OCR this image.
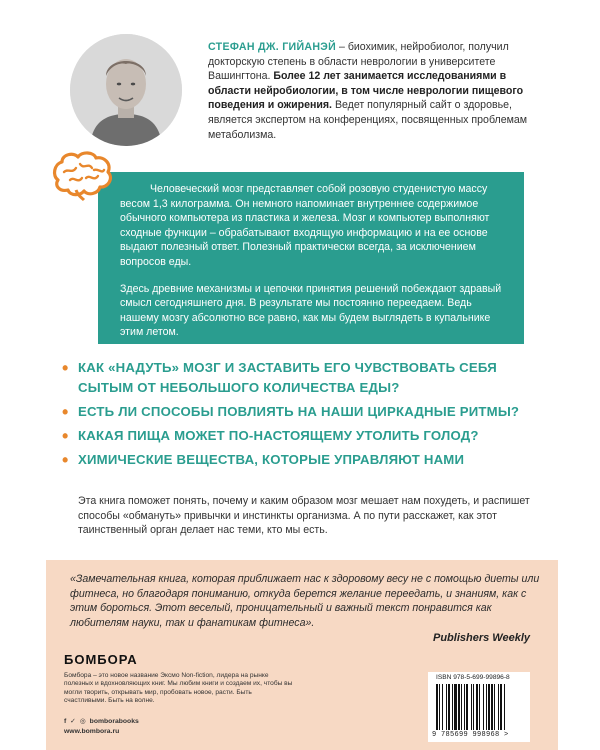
СТЕФАН ДЖ. ГИЙАНЭЙ – биохимик, нейробиолог, получил докторскую степень в области неврологии в университете Вашингтона. Более 12 лет занимается исследованиями в области нейробиологии, в том числе неврологии пищевого поведения и ожирения. Ведет популярный сайт о здоровье, является экспертом на конференциях, посвященных проблемам метаболизма.

Человеческий мозг представляет собой розовую студенистую массу весом 1,3 килограмма. Он немного напоминает внутреннее содержимое обычного компьютера из пластика и железа. Мозг и компьютер выполняют сходные функции – обрабатывают входящую информацию и на ее основе выдают полезный ответ. Полезный практически всегда, за исключением вопросов еды.

Здесь древние механизмы и цепочки принятия решений побеждают здравый смысл сегодняшнего дня. В результате мы постоянно переедаем. Ведь нашему мозгу абсолютно все равно, как мы будем выглядеть в купальнике этим летом.

• КАК «НАДУТЬ» МОЗГ И ЗАСТАВИТЬ ЕГО ЧУВСТВОВАТЬ СЕБЯ СЫТЫМ ОТ НЕБОЛЬШОГО КОЛИЧЕСТВА ЕДЫ?
• ЕСТЬ ЛИ СПОСОБЫ ПОВЛИЯТЬ НА НАШИ ЦИРКАДНЫЕ РИТМЫ?
• КАКАЯ ПИЩА МОЖЕТ ПО-НАСТОЯЩЕМУ УТОЛИТЬ ГОЛОД?
• ХИМИЧЕСКИЕ ВЕЩЕСТВА, КОТОРЫЕ УПРАВЛЯЮТ НАМИ
Эта книга поможет понять, почему и каким образом мозг мешает нам похудеть, и распишет способы «обмануть» привычки и инстинкты организма. А по пути расскажет, как этот таинственный орган делает нас теми, кто мы есть.
«Замечательная книга, которая приближает нас к здоровому весу не с помощью диеты или фитнеса, но благодаря пониманию, откуда берется желание переедать, и знаниям, как с этим бороться. Этот веселый, проницательный и важный текст понравится как любителям науки, так и фанатикам фитнеса».
Publishers Weekly
БОМБОРА
Бомбора – это новое название Эксмо Non-fiction, лидера на рынке полезных и вдохновляющих книг. Мы любим книги и создаем их, чтобы вы могли творить, открывать мир, пробовать новое, расти. Быть счастливыми. Быть на волне.
f ✓ ◎ bomborabooks
www.bombora.ru
ISBN 978-5-699-99896-8
9 785699 998968 >
